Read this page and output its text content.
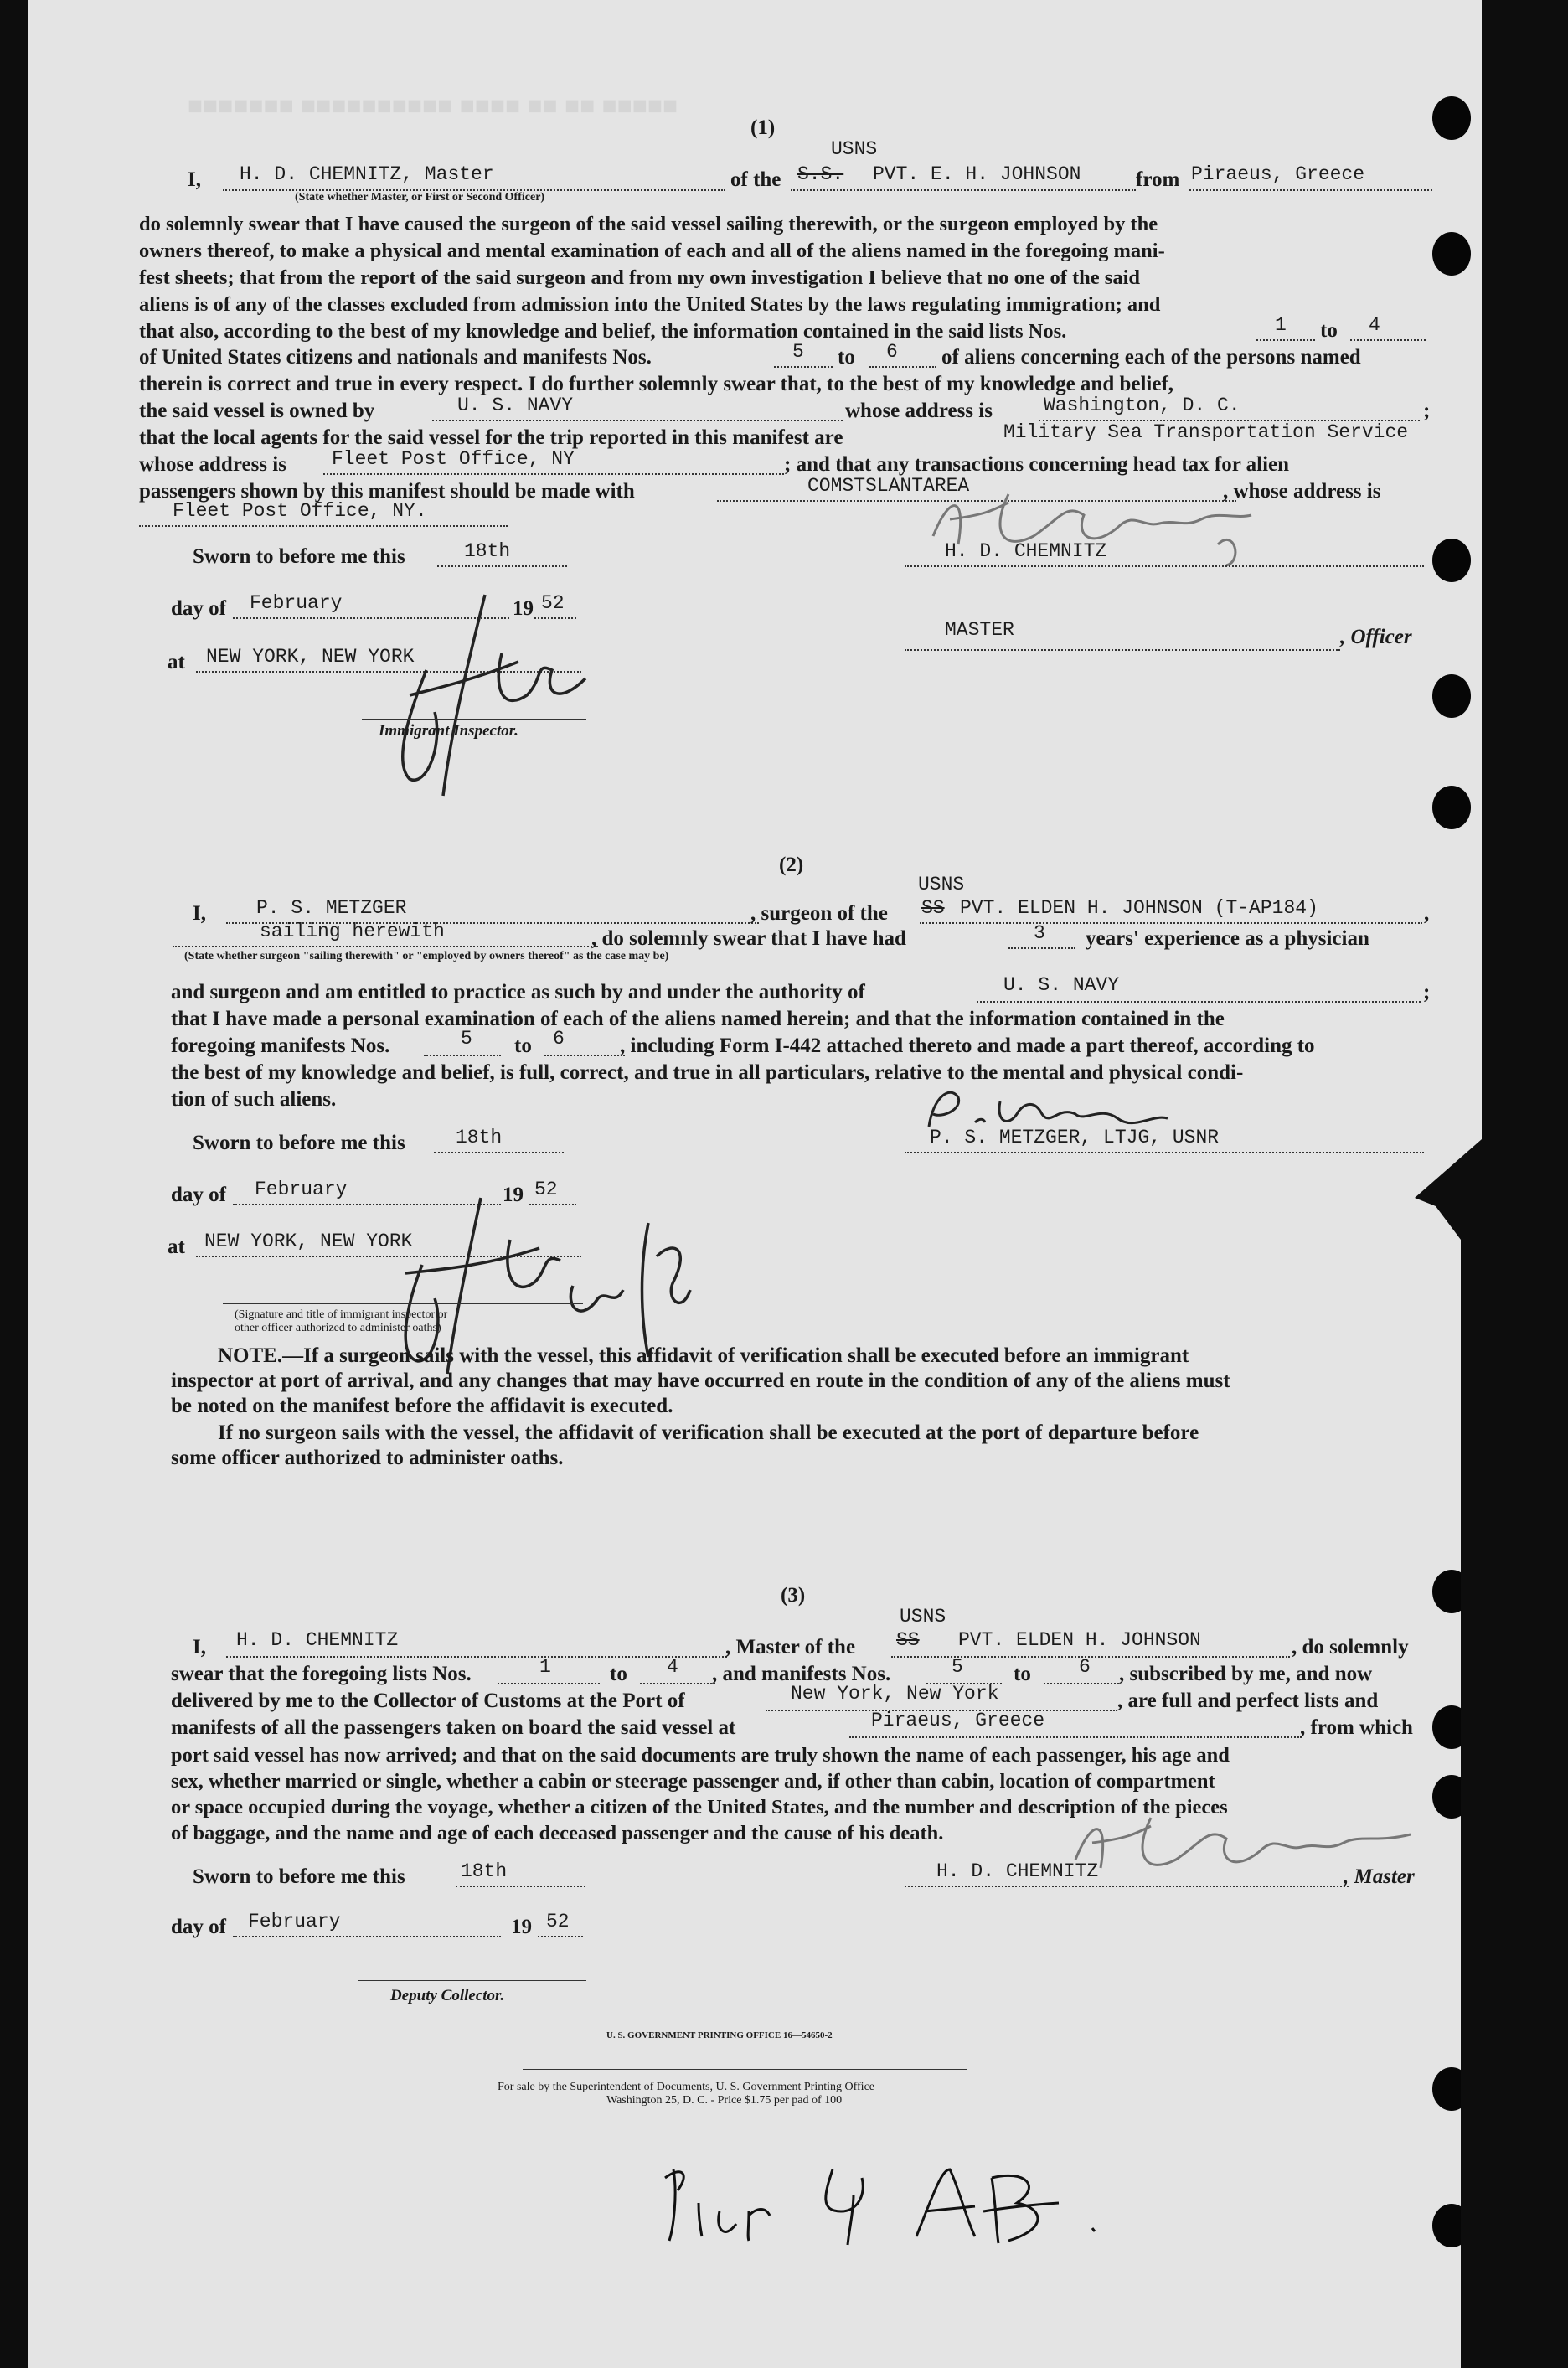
■■■■■ ■■ ■■ ■■■■ ■■■■■■■■■■ ■■■■■■■
(1)
USNS
I, H. D. CHEMNITZ, Master
(State whether Master, or First or Second Officer)
of the S.S. PVT. E. H. JOHNSON	from Piraeus, Greece
do solemnly swear that I have caused the surgeon of the said vessel sailing therewith, or the surgeon employed by the
owners thereof, to make a physical and mental examination of each and all of the aliens named in the foregoing mani-
fest sheets; that from the report of the said surgeon and from my own investigation I believe that no one of the said
aliens is of any of the classes excluded from admission into the United States by the laws regulating immigration; and
that also, according to the best of my knowledge and belief, the information contained in the said lists Nos.	1 to 4
of United States citizens and nationals and manifests Nos.	5 to 6 of aliens concerning each of the persons named
therein is correct and true in every respect. I do further solemnly swear that, to the best of my knowledge and belief,
the said vessel is owned by	U. S. NAVY	whose address is	Washington, D. C.	;
that the local agents for the said vessel for the trip reported in this manifest are	Military Sea Transportation Service
whose address is Fleet Post Office, NY	; and that any transactions concerning head tax for alien
passengers shown by this manifest should be made with	COMSTSLANTAREA	, whose address is
Fleet Post Office, NY.
Sworn to before me this	18th	H. D. CHEMNITZ
day of February	19 52
MASTER	, Officer
at NEW YORK, NEW YORK
Immigrant Inspector.
(2)
USNS
I,	P. S. METZGER	, surgeon of the SS PVT. ELDEN H. JOHNSON (T-AP184)	,
sailing herewith	, do solemnly swear that I have had	3 years' experience as a physician
(State whether surgeon "sailing therewith" or "employed by owners thereof" as the case may be)
and surgeon and am entitled to practice as such by and under the authority of	U. S. NAVY	;
that I have made a personal examination of each of the aliens named herein; and that the information contained in the
foregoing manifests Nos.	5 to 6	, including Form I-442 attached thereto and made a part thereof, according to
the best of my knowledge and belief, is full, correct, and true in all particulars, relative to the mental and physical condi-
tion of such aliens.
Sworn to before me this	18th	P. S. METZGER, LTJG, USNR
day of February	19 52
at NEW YORK, NEW YORK
(Signature and title of immigrant inspector or
other officer authorized to administer oaths)
NOTE.—If a surgeon sails with the vessel, this affidavit of verification shall be executed before an immigrant
inspector at port of arrival, and any changes that may have occurred en route in the condition of any of the aliens must
be noted on the manifest before the affidavit is executed.
If no surgeon sails with the vessel, the affidavit of verification shall be executed at the port of departure before
some officer authorized to administer oaths.
(3)
USNS
I, H. D. CHEMNITZ	, Master of the SS PVT. ELDEN H. JOHNSON	, do solemnly
swear that the foregoing lists Nos.	1	to 4 , and manifests Nos.	5 to 6 , subscribed by me, and now
delivered by me to the Collector of Customs at the Port of	New York, New York	, are full and perfect lists and
manifests of all the passengers taken on board the said vessel at	Piraeus, Greece	, from which
port said vessel has now arrived; and that on the said documents are truly shown the name of each passenger, his age and
sex, whether married or single, whether a cabin or steerage passenger and, if other than cabin, location of compartment
or space occupied during the voyage, whether a citizen of the United States, and the number and description of the pieces
of baggage, and the name and age of each deceased passenger and the cause of his death.
Sworn to before me this	18th	H. D. CHEMNITZ	, Master
day of February	19 52
Deputy Collector.
U. S. GOVERNMENT PRINTING OFFICE 16—54650-2
For sale by the Superintendent of Documents, U. S. Government Printing Office
Washington 25, D. C. - Price $1.75 per pad of 100
